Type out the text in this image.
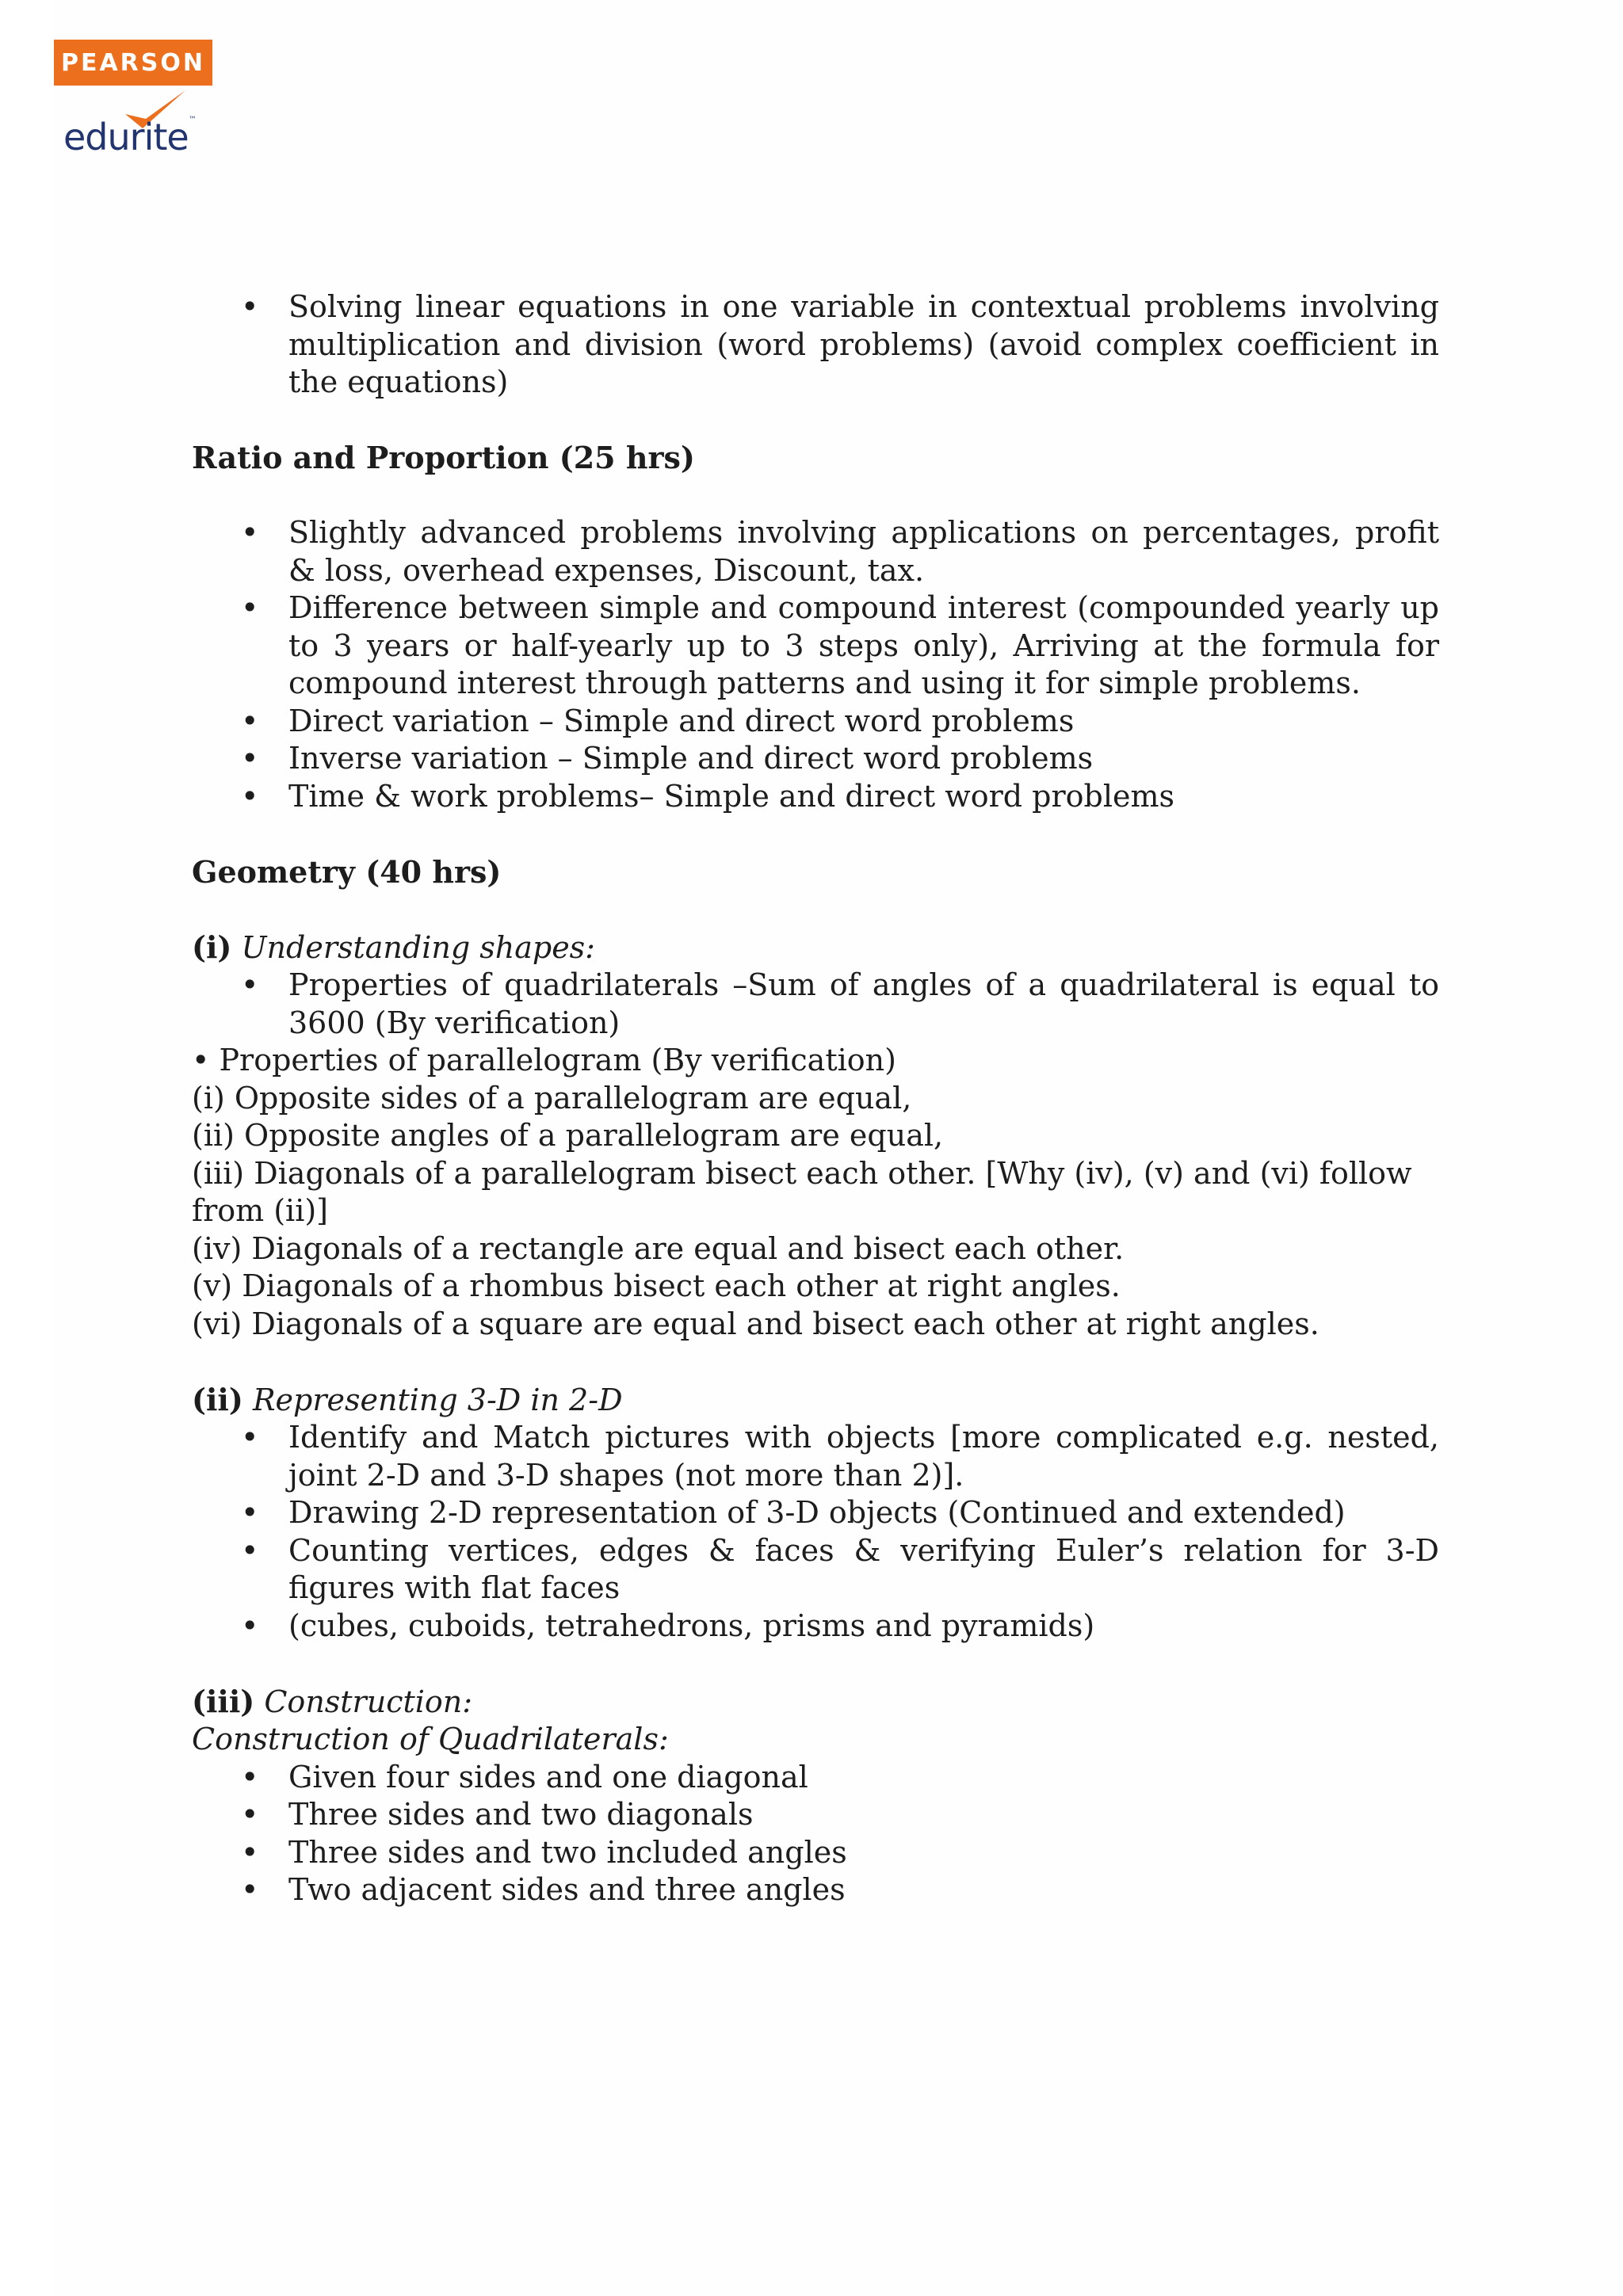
PEARSON
edurite™
• Solving linear equations in one variable in contextual problems involving multiplication and division (word problems) (avoid complex coefficient in the equations)

Ratio and Proportion (25 hrs)

• Slightly advanced problems involving applications on percentages, profit & loss, overhead expenses, Discount, tax.
• Difference between simple and compound interest (compounded yearly up to 3 years or half-yearly up to 3 steps only), Arriving at the formula for compound interest through patterns and using it for simple problems.
• Direct variation – Simple and direct word problems
• Inverse variation – Simple and direct word problems
• Time & work problems– Simple and direct word problems

Geometry (40 hrs)

(i) Understanding shapes:

• Properties of quadrilaterals –Sum of angles of a quadrilateral is equal to 3600 (By verification)

• Properties of parallelogram (By verification)

(i) Opposite sides of a parallelogram are equal,

(ii) Opposite angles of a parallelogram are equal,

(iii) Diagonals of a parallelogram bisect each other. [Why (iv), (v) and (vi) follow from (ii)]

(iv) Diagonals of a rectangle are equal and bisect each other.

(v) Diagonals of a rhombus bisect each other at right angles.

(vi) Diagonals of a square are equal and bisect each other at right angles.

(ii) Representing 3-D in 2-D

• Identify and Match pictures with objects [more complicated e.g. nested, joint 2-D and 3-D shapes (not more than 2)].
• Drawing 2-D representation of 3-D objects (Continued and extended)
• Counting vertices, edges & faces & verifying Euler’s relation for 3-D figures with flat faces
• (cubes, cuboids, tetrahedrons, prisms and pyramids)

(iii) Construction:

Construction of Quadrilaterals:

• Given four sides and one diagonal
• Three sides and two diagonals
• Three sides and two included angles
• Two adjacent sides and three angles
